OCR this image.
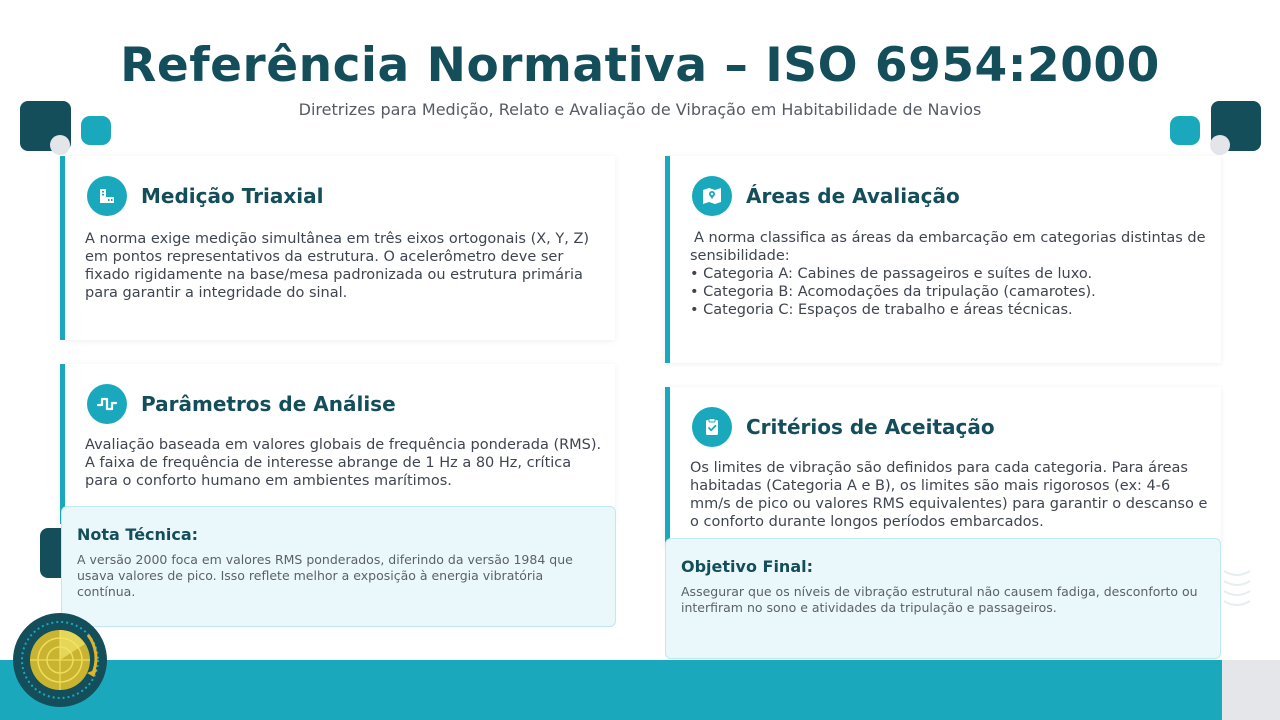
Referência Normativa – ISO 6954:2000
Diretrizes para Medição, Relato e Avaliação de Vibração em Habitabilidade de Navios
Medição Triaxial
A norma exige medição simultânea em três eixos ortogonais (X, Y, Z) em pontos representativos da estrutura. O acelerômetro deve ser fixado rigidamente na base/mesa padronizada ou estrutura primária para garantir a integridade do sinal.
Áreas de Avaliação
A norma classifica as áreas da embarcação em categorias distintas de sensibilidade:
• Categoria A: Cabines de passageiros e suítes de luxo.
• Categoria B: Acomodações da tripulação (camarotes).
• Categoria C: Espaços de trabalho e áreas técnicas.
Parâmetros de Análise
Avaliação baseada em valores globais de frequência ponderada (RMS). A faixa de frequência de interesse abrange de 1 Hz a 80 Hz, crítica para o conforto humano em ambientes marítimos.
Critérios de Aceitação
Os limites de vibração são definidos para cada categoria. Para áreas habitadas (Categoria A e B), os limites são mais rigorosos (ex: 4-6 mm/s de pico ou valores RMS equivalentes) para garantir o descanso e o conforto durante longos períodos embarcados.
Nota Técnica:
A versão 2000 foca em valores RMS ponderados, diferindo da versão 1984 que usava valores de pico. Isso reflete melhor a exposição à energia vibratória contínua.
Objetivo Final:
Assegurar que os níveis de vibração estrutural não causem fadiga, desconforto ou interfiram no sono e atividades da tripulação e passageiros.
